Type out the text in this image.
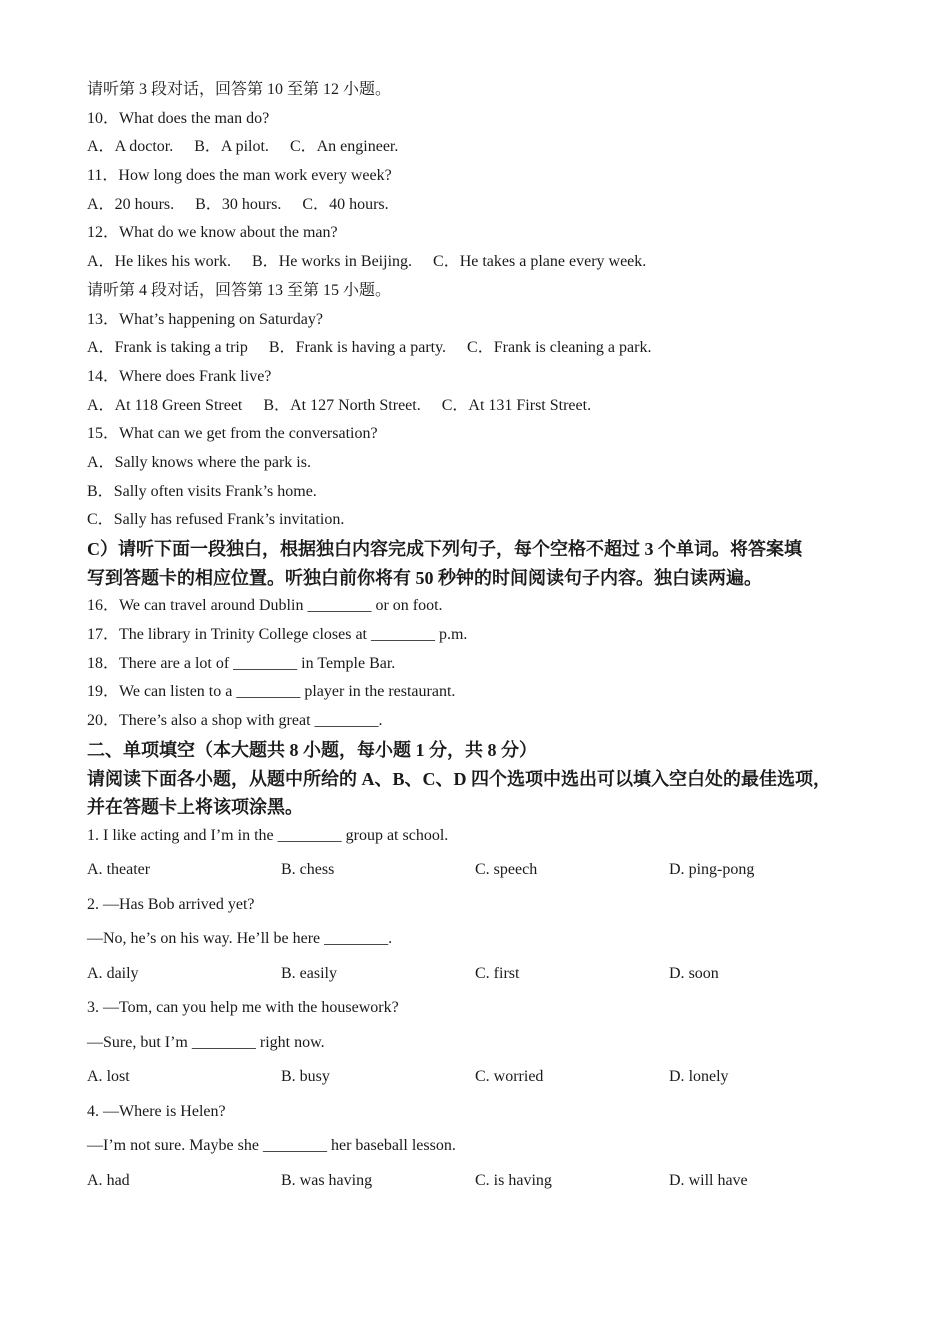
请听第 3 段对话，回答第 10 至第 12 小题。
10．What does the man do?
A．A doctor. B．A pilot. C．An engineer.
11．How long does the man work every week?
A．20 hours. B．30 hours. C．40 hours.
12．What do we know about the man?
A．He likes his work. B．He works in Beijing. C．He takes a plane every week.
请听第 4 段对话，回答第 13 至第 15 小题。
13．What’s happening on Saturday?
A．Frank is taking a trip B．Frank is having a party. C．Frank is cleaning a park.
14．Where does Frank live?
A．At 118 Green Street B．At 127 North Street. C．At 131 First Street.
15．What can we get from the conversation?
A．Sally knows where the park is.
B．Sally often visits Frank’s home.
C．Sally has refused Frank’s invitation.
C）请听下面一段独白，根据独白内容完成下列句子，每个空格不超过 3 个单词。将答案填
写到答题卡的相应位置。听独白前你将有 50 秒钟的时间阅读句子内容。独白读两遍。
16．We can travel around Dublin ________ or on foot.
17．The library in Trinity College closes at ________ p.m.
18．There are a lot of ________ in Temple Bar.
19．We can listen to a ________ player in the restaurant.
20．There’s also a shop with great ________.
二、单项填空（本大题共 8 小题，每小题 1 分，共 8 分）
请阅读下面各小题，从题中所给的 A、B、C、D 四个选项中选出可以填入空白处的最佳选项，
并在答题卡上将该项涂黑。
1. I like acting and I’m in the ________ group at school.
A. theater	B. chess	C. speech	D. ping-pong
2. —Has Bob arrived yet?
—No, he’s on his way. He’ll be here ________.
A. daily	B. easily	C. first	D. soon
3. —Tom, can you help me with the housework?
—Sure, but I’m ________ right now.
A. lost	B. busy	C. worried	D. lonely
4. —Where is Helen?
—I’m not sure. Maybe she ________ her baseball lesson.
A. had	B. was having	C. is having	D. will have
